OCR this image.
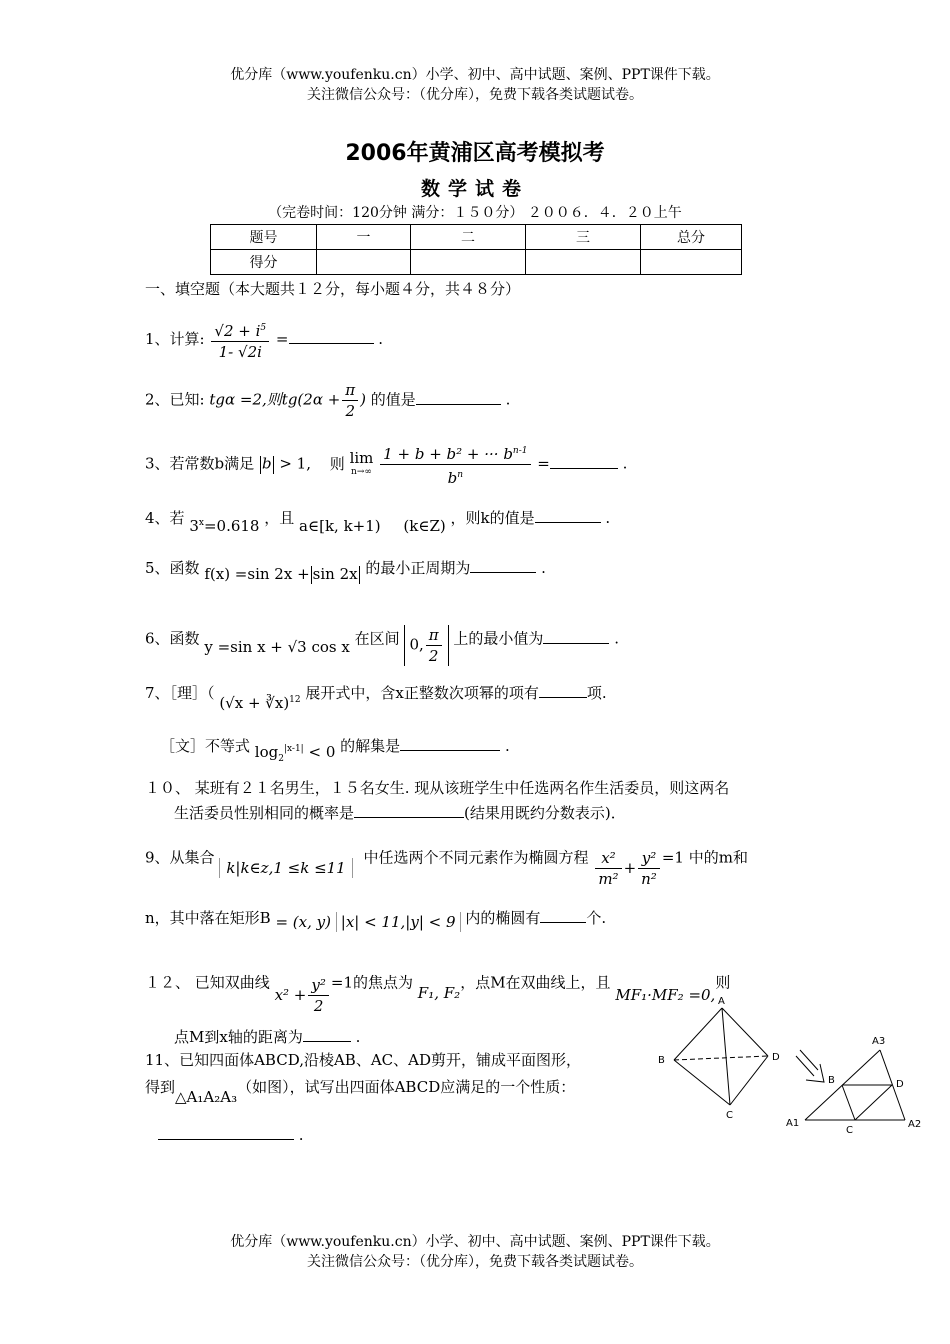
优分库（www.youfenku.cn）小学、初中、高中试题、案例、PPT课件下载。
关注微信公众号：（优分库），免费下载各类试题试卷。
2006年黄浦区高考模拟考
数学试卷
（完卷时间：120分钟 满分：１５０分） ２００６．４．２０上午
题号	一	二	三	总分
得分				
一、填空题（本大题共１２分，每小题４分，共４８分）
1、计算: $\frac{√2 + i^5}{1- √2i}$ =	.
2、已知: tgα =2,则$tg(2\alpha + \frac{\pi}{2}$ ) 的值是	.
3、若常数b满足 b > 1, 则 lim
n→∞
$\frac{1 + b + b^2 + \cdot\cdot\cdot b^{n-1}}{b^n}$ =	.
4、若 $3^x=0.618$ ，且 a∈[k, k+1) (k∈Z) ，则k的值是	.
5、函数 f(x) =sin 2x + sin 2x 的最小正周期为	.
6、函数 y =sin x + √3 cos x 在区间 0, $\frac{\pi}{2}$ 上的最小值为	.
7、［理］（ (√x + ∛x)$^{12}$ 展开式中，含x正整数次项幂的项有	项.
［文］不等式 $\log_2^{|x-1|} < 0$ 的解集是	.
１０、 某班有２１名男生，１５名女生. 现从该班学生中任选两名作生活委员，则这两名
生活委员性别相同的概率是	(结果用既约分数表示)．
9、从集合 k|k∈z,1 ≤k ≤11 中任选两个不同元素作为椭圆方程 $\frac{\text{x²}}{\text{m²}} + \frac{\text{y²}}{\text{n²}} =1$ 中的m和
n，其中落在矩形B = (x, y) |x| < 11,|y| < 9 内的椭圆有	个.
１２、 已知双曲线 $x^2 + \frac{\text{y²}}{2} =1$的焦点为 F₁, F₂，点M在双曲线上，且 MF₁·MF₂ =0,则
点M到x轴的距离为	.
11、已知四面体ABCD,沿棱AB、AC、AD剪开，铺成平面图形，
得到△A₁A₂A₃（如图），试写出四面体ABCD应满足的一个性质：
.
A
B
C
D
A3
B	D
A1
C
A2
优分库（www.youfenku.cn）小学、初中、高中试题、案例、PPT课件下载。
关注微信公众号：（优分库），免费下载各类试题试卷。
